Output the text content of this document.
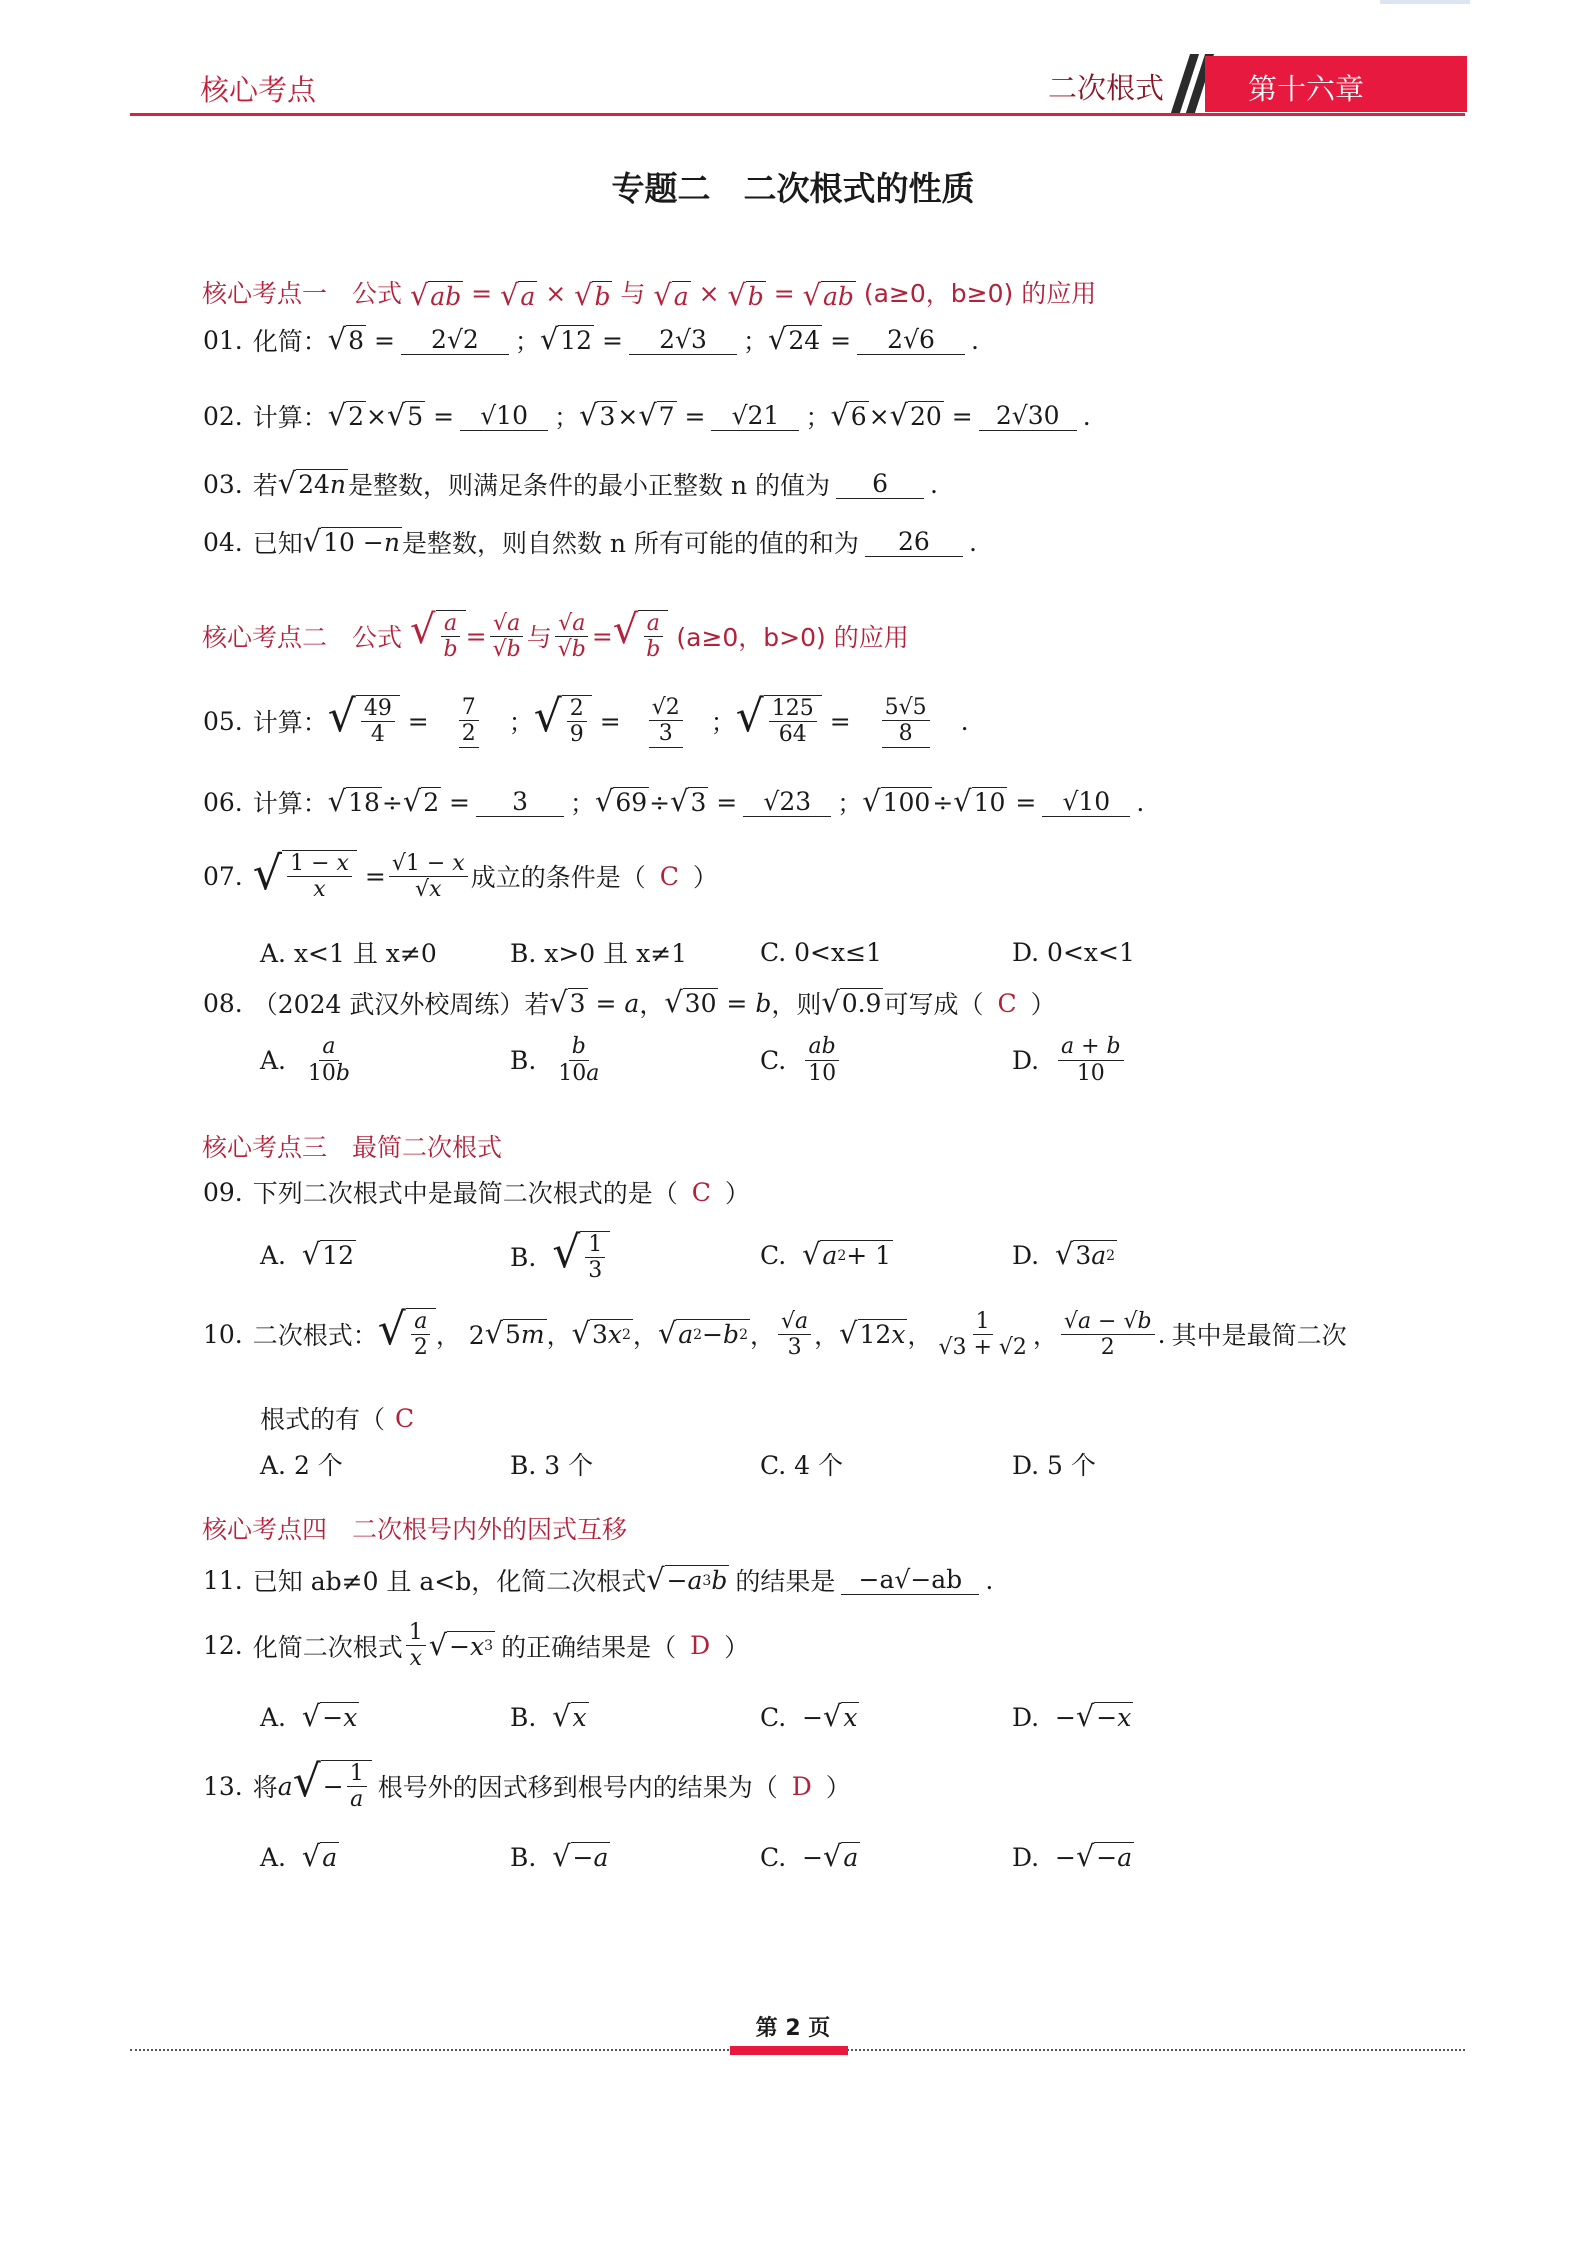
核心考点	二次根式	第十六章
专题二　二次根式的性质
核心考点一　公式 √ ab = √ a × √ b 与 √ a × √ b = √ ab (a≥0，b≥0) 的应用
01. 化简： √ 8 =	2√2	； √ 12 =	2√3	； √ 24 =	2√6	.
02. 计算： √ 2 × √ 5 =	√10	； √ 3 × √ 7 =	√21	； √ 6 × √ 20 = 2√30 .
03. 若 √ 24 n 是整数，则满足条件的最小正整数 n 的值为	6	.
04. 已知 √ 10 − n 是整数，则自然数 n 所有可能的值的和为	26	.
核心考点二　公式 √ $\frac{a}{b} = \frac{√a}{√b}$ 与 $\frac{√a}{√b}$ = √ $\frac{a}{b} (a\ge 0$，b>0) 的应用
05. 计算： √ $\frac{49}{4} = \frac{7}{2}$ ； √ $\frac{2}{9} = \frac{√2}{3}$ ； √ $\frac{125}{64} = \frac{5√5}{8}$ .
06. 计算： √ 18 ÷ √ 2 =	3	； √ 69 ÷ √ 3 =	√23	； √ 100 ÷ √ 10 =	√10	.
07. √ $\frac{1 - x}{x} = \frac{√1 - x}{√x}$ 成立的条件是（ C ）
A. x<1 且 x≠0	B. x>0 且 x≠1	C. 0<x≤1	D. 0<x<1
08. （2024 武汉外校周练）若 √ 3 = a ， √ 30 = b ，则 √ 0.9 可写成（ C ）
A. $\frac{a}{10b}$	B. $\frac{b}{10a}$	C. $\frac{ab}{10}$	D. $\frac{a + b}{10}$
核心考点三　最简二次根式
09. 下列二次根式中是最简二次根式的是（ C ）
A. √ 12	B. √ $\frac{1}{3}$	C. √ a 2 + 1	D. √ 3 a 2
10. 二次根式： √ $\frac{a}{2}$ ， 2 √ 5 m ， √ 3 x 2 ， √ a 2 − b 2 ， $\frac{√a}{3}$ ， √ 12 x ， $\frac{1}{√3 + √2}$ ， $\frac{√a - √b}{2}$ . 其中是最简二次
根式的有（ C
A. 2 个	B. 3 个	C. 4 个	D. 5 个
核心考点四　二次根号内外的因式互移
11. 已知 ab≠0 且 a<b，化简二次根式 √ − a 3 b 的结果是 −a√−ab .
12. 化简二次根式 $\frac{1}{x}$ √ − x 3 的正确结果是（ D ）
A. √ − x	B. √ x	C.  − √ x	D.  − √ − x
13. 将 a √ − $\frac{1}{a}$ 根号外的因式移到根号内的结果为（ D ）
A. √ a	B. √ − a	C.  − √ a	D.  − √ − a
第 2 页
